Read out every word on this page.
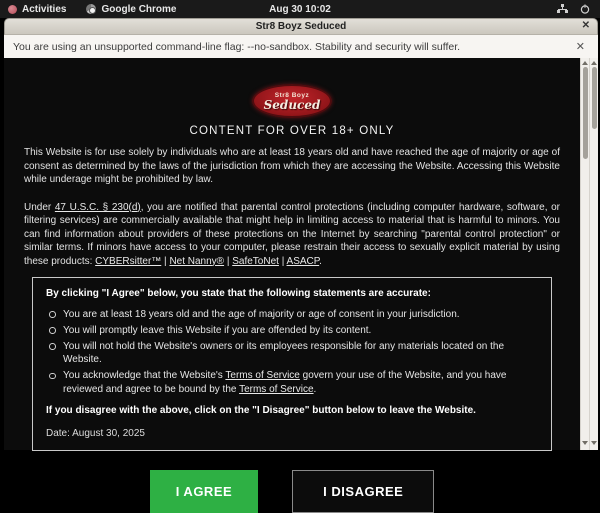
Activities	Google Chrome	Aug 30 10:02
Str8 Boyz Seduced	✕
You are using an unsupported command-line flag: --no-sandbox. Stability and security will suffer.	✕
Str8 Boyz
Seduced
CONTENT FOR OVER 18+ ONLY

This Website is for use solely by individuals who are at least 18 years old and have reached the age of majority or age of consent as determined by the laws of the jurisdiction from which they are accessing the Website. Accessing this Website while underage might be prohibited by law.

Under 47 U.S.C. § 230(d), you are notified that parental control protections (including computer hardware, software, or filtering services) are commercially available that might help in limiting access to material that is harmful to minors. You can find information about providers of these protections on the Internet by searching "parental control protection" or similar terms. If minors have access to your computer, please restrain their access to sexually explicit material by using these products: CYBERsitter™ | Net Nanny® | SafeToNet | ASACP.

By clicking "I Agree" below, you state that the following statements are accurate:
You are at least 18 years old and the age of majority or age of consent in your jurisdiction.
You will promptly leave this Website if you are offended by its content.
You will not hold the Website's owners or its employees responsible for any materials located on the Website.
You acknowledge that the Website's Terms of Service govern your use of the Website, and you have reviewed and agree to be bound by the Terms of Service.
If you disagree with the above, click on the "I Disagree" button below to leave the Website.
Date: August 30, 2025
I AGREE	I DISAGREE
